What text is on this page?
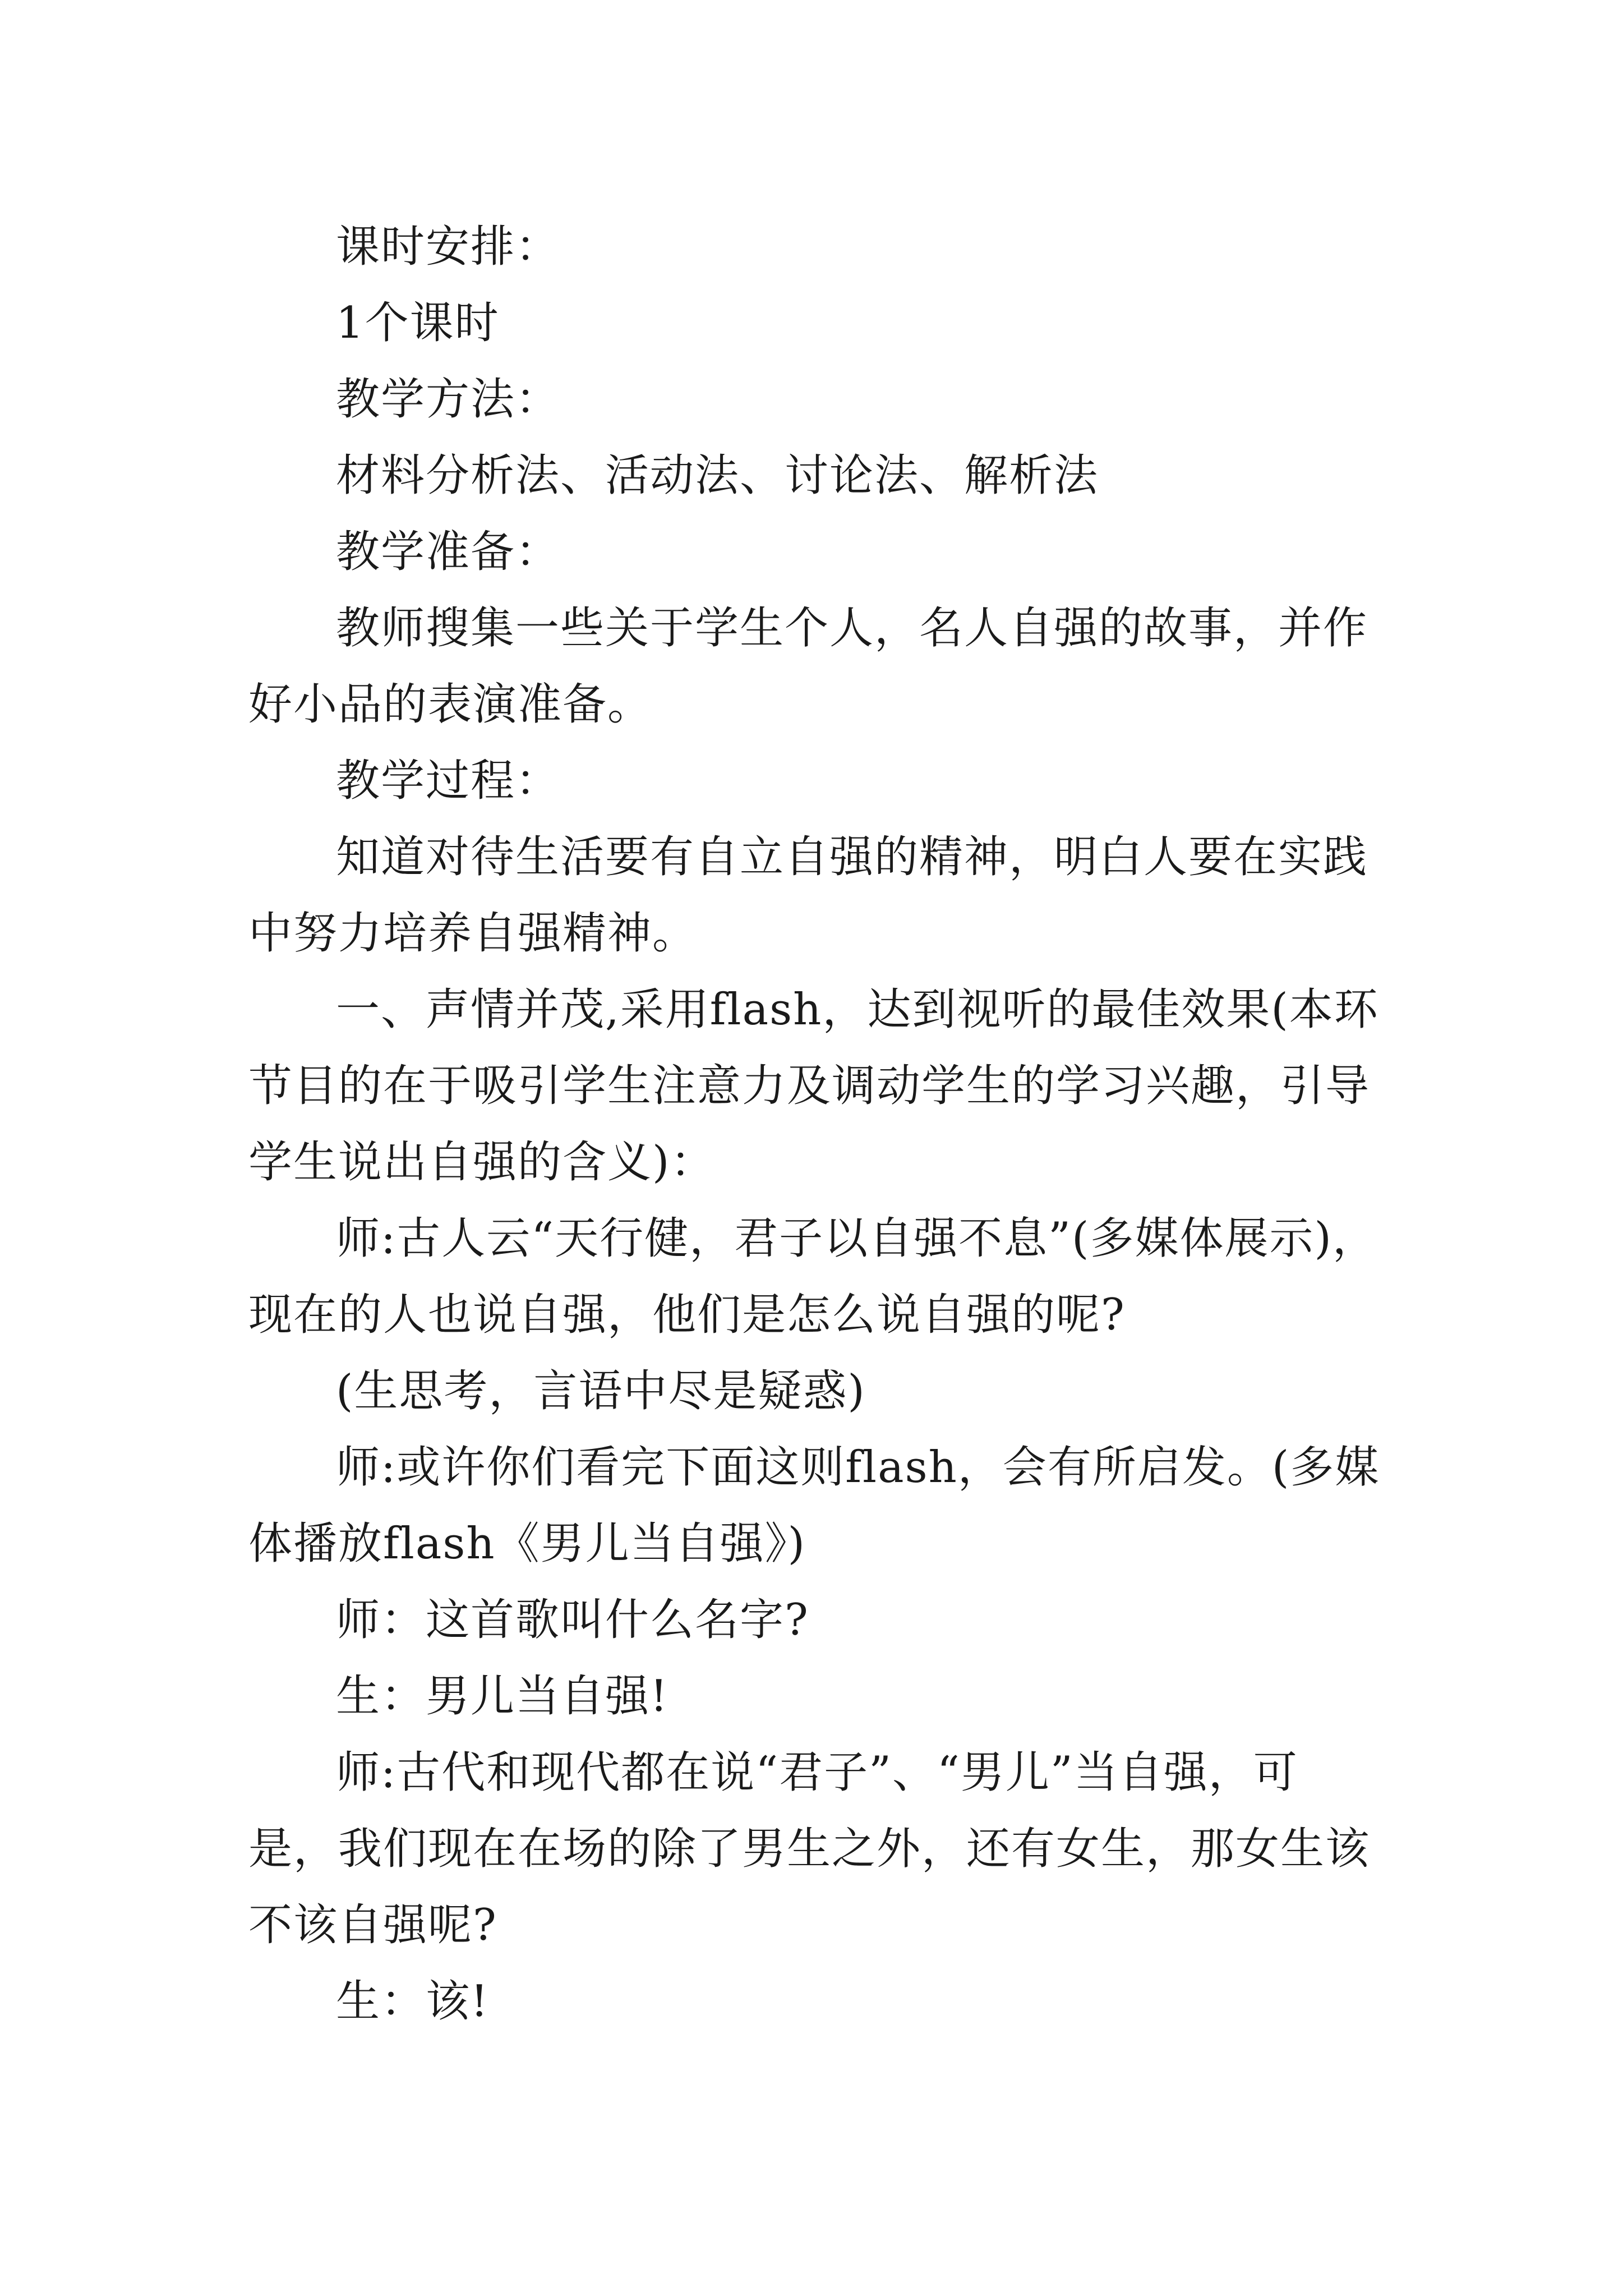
课时安排：

1个课时

教学方法：

材料分析法、活动法、讨论法、解析法

教学准备：

教师搜集一些关于学生个人，名人自强的故事，并作好小品的表演准备。

教学过程：

知道对待生活要有自立自强的精神，明白人要在实践中努力培养自强精神。

一、声情并茂,采用flash，达到视听的最佳效果(本环节目的在于吸引学生注意力及调动学生的学习兴趣，引导学生说出自强的含义)：

师:古人云“天行健，君子以自强不息”(多媒体展示)，现在的人也说自强，他们是怎么说自强的呢?

(生思考，言语中尽是疑惑)

师:或许你们看完下面这则flash，会有所启发。(多媒体播放flash《男儿当自强》)

师：这首歌叫什么名字?

生：男儿当自强!

师:古代和现代都在说“君子”、“男儿”当自强，可是，我们现在在场的除了男生之外，还有女生，那女生该不该自强呢?

生：该!
